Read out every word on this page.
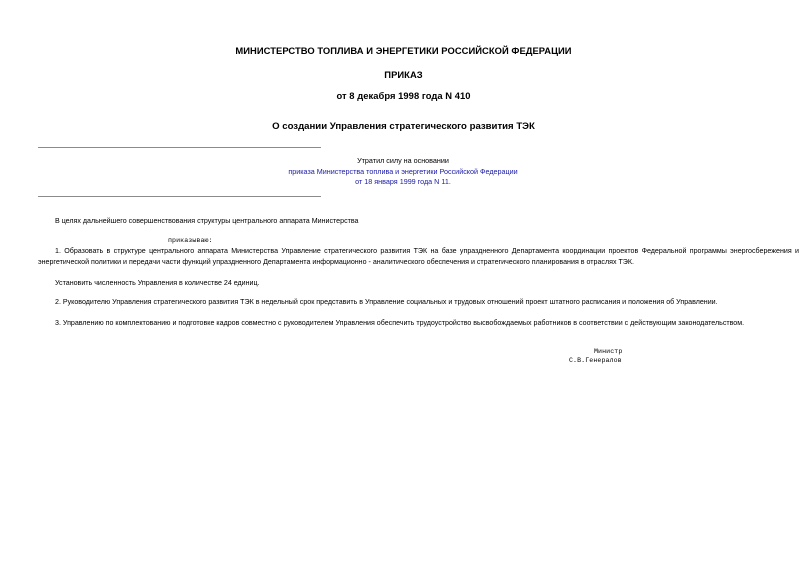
МИНИСТЕРСТВО ТОПЛИВА И ЭНЕРГЕТИКИ РОССИЙСКОЙ ФЕДЕРАЦИИ
ПРИКАЗ
от 8 декабря 1998 года N 410
О создании Управления стратегического развития ТЭК
Утратил силу на основании
приказа Министерства топлива и энергетики Российской Федерации
от 18 января 1999 года N 11.
В целях дальнейшего совершенствования структуры центрального аппарата Министерства
приказываю:
1. Образовать в структуре центрального аппарата Министерства Управление стратегического развития ТЭК на базе упраздненного Департамента координации проектов Федеральной программы энергосбережения и энергетической политики и передачи части функций упраздненного Департамента информационно - аналитического обеспечения и стратегического планирования в отраслях ТЭК.
Установить численность Управления в количестве 24 единиц.
2. Руководителю Управления стратегического развития ТЭК в недельный срок представить в Управление социальных и трудовых отношений проект штатного расписания и положения об Управлении.
3. Управлению по комплектованию и подготовке кадров совместно с руководителем Управления обеспечить трудоустройство высвобождаемых работников в соответствии с действующим законодательством.
Министр
С.В.Генералов
